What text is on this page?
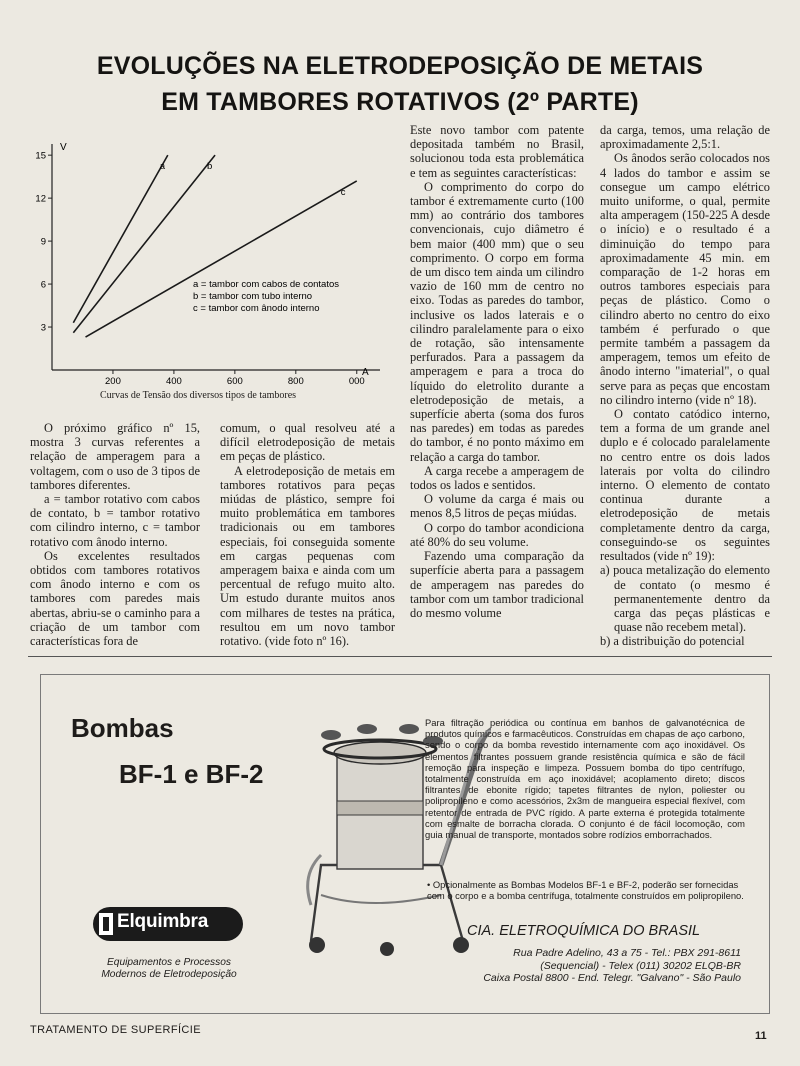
EVOLUÇÕES NA ELETRODEPOSIÇÃO DE METAIS
EM TAMBORES ROTATIVOS (2º PARTE)
a	b
c
3
6
9
12
15
200	400	600	800	000
V
A
a = tambor com cabos de contatos
b = tambor com tubo interno
c = tambor com ânodo interno
Curvas de Tensão dos diversos tipos de tambores

O próximo gráfico nº 15, mostra 3 curvas referentes a relação de amperagem para a voltagem, com o uso de 3 tipos de tambores diferentes.

a = tambor rotativo com cabos de contato, b = tambor rotativo com cilindro interno, c = tambor rotativo com ânodo interno.

Os excelentes resultados obtidos com tambores rotativos com ânodo interno e com os tambores com paredes mais abertas, abriu-se o caminho para a criação de um tambor com características fora de

comum, o qual resolveu até a difícil eletrodeposição de metais em peças de plástico.

A eletrodeposição de metais em tambores rotativos para peças miúdas de plástico, sempre foi muito problemática em tambores tradicionais ou em tambores especiais, foi conseguida somente em cargas pequenas com amperagem baixa e ainda com um percentual de refugo muito alto. Um estudo durante muitos anos com milhares de testes na prática, resultou em um novo tambor rotativo. (vide foto nº 16).

Este novo tambor com patente depositada também no Brasil, solucionou toda esta problemática e tem as seguintes características:

O comprimento do corpo do tambor é extremamente curto (100 mm) ao contrário dos tambores convencionais, cujo diâmetro é bem maior (400 mm) que o seu comprimento. O corpo em forma de um disco tem ainda um cilindro vazio de 160 mm de centro no eixo. Todas as paredes do tambor, inclusive os lados laterais e o cilindro paralelamente para o eixo de rotação, são intensamente perfurados. Para a passagem da amperagem e para a troca do líquido do eletrolito durante a eletrodeposição de metais, a superfície aberta (soma dos furos nas paredes) em todas as paredes do tambor, é no ponto máximo em relação a carga do tambor.

A carga recebe a amperagem de todos os lados e sentidos.

O volume da carga é mais ou menos 8,5 litros de peças miúdas.

O corpo do tambor acondiciona até 80% do seu volume.

Fazendo uma comparação da superfície aberta para a passagem de amperagem nas paredes do tambor com um tambor tradicional do mesmo volume

da carga, temos, uma relação de aproximadamente 2,5:1.

Os ânodos serão colocados nos 4 lados do tambor e assim se consegue um campo elétrico muito uniforme, o qual, permite alta amperagem (150-225 A desde o início) e o resultado é a diminuição do tempo para aproximadamente 45 min. em comparação de 1-2 horas em outros tambores especiais para peças de plástico. Como o cilindro aberto no centro do eixo também é perfurado o que permite também a passagem da amperagem, temos um efeito de ânodo interno "imaterial", o qual serve para as peças que encostam no cilindro interno (vide nº 18).

O contato catódico interno, tem a forma de um grande anel duplo e é colocado paralelamente no centro entre os dois lados laterais por volta do cilindro interno. O elemento de contato continua durante a eletrodeposição de metais completamente dentro da carga, conseguindo-se os seguintes resultados (vide nº 19):

a) pouca metalização do elemento de contato (o mesmo é permanentemente dentro da carga das peças plásticas e quase não recebem metal).

b) a distribuição do potencial

Bombas
BF-1 e BF-2
Para filtração periódica ou contínua em banhos de galvanotécnica de produtos químicos e farmacêuticos. Construídas em chapas de aço carbono, sendo o corpo da bomba revestido internamente com aço inoxidável. Os elementos filtrantes possuem grande resistência química e são de fácil remoção para inspeção e limpeza. Possuem bomba do tipo centrífugo, totalmente construída em aço inoxidável; acoplamento direto; discos filtrantes de ebonite rígido; tapetes filtrantes de nylon, poliester ou polipropileno e como acessórios, 2x3m de mangueira especial flexível, com retentor de entrada de PVC rígido. A parte externa é protegida totalmente com esmalte de borracha clorada. O conjunto é de fácil locomoção, com guia manual de transporte, montados sobre rodízios emborrachados.
• Opcionalmente as Bombas Modelos BF-1 e BF-2, poderão ser fornecidas com o corpo e a bomba centrífuga, totalmente construídos em polipropileno.
Elquimbra
Equipamentos e Processos
Modernos de Eletrodeposição
CIA. ELETROQUÍMICA DO BRASIL
Rua Padre Adelino, 43 a 75 - Tel.: PBX 291-8611
(Sequencial) - Telex (011) 30202 ELQB-BR
Caixa Postal 8800 - End. Telegr. "Galvano" - São Paulo
TRATAMENTO DE SUPERFÍCIE	11
